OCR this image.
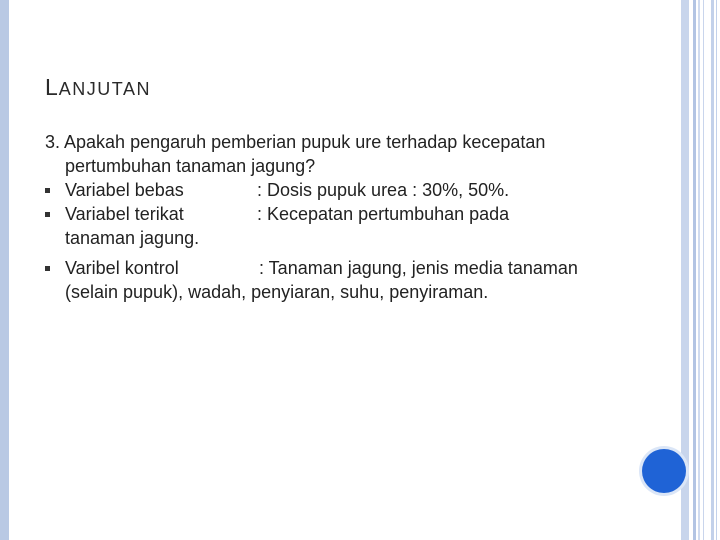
LANJUTAN
3. Apakah pengaruh pemberian pupuk ure terhadap kecepatan
pertumbuhan tanaman jagung?
Variabel bebas	: Dosis pupuk urea : 30%, 50%.
Variabel terikat	: Kecepatan pertumbuhan pada
tanaman jagung.
Varibel kontrol	: Tanaman jagung, jenis media tanaman
(selain pupuk), wadah, penyiaran, suhu, penyiraman.
